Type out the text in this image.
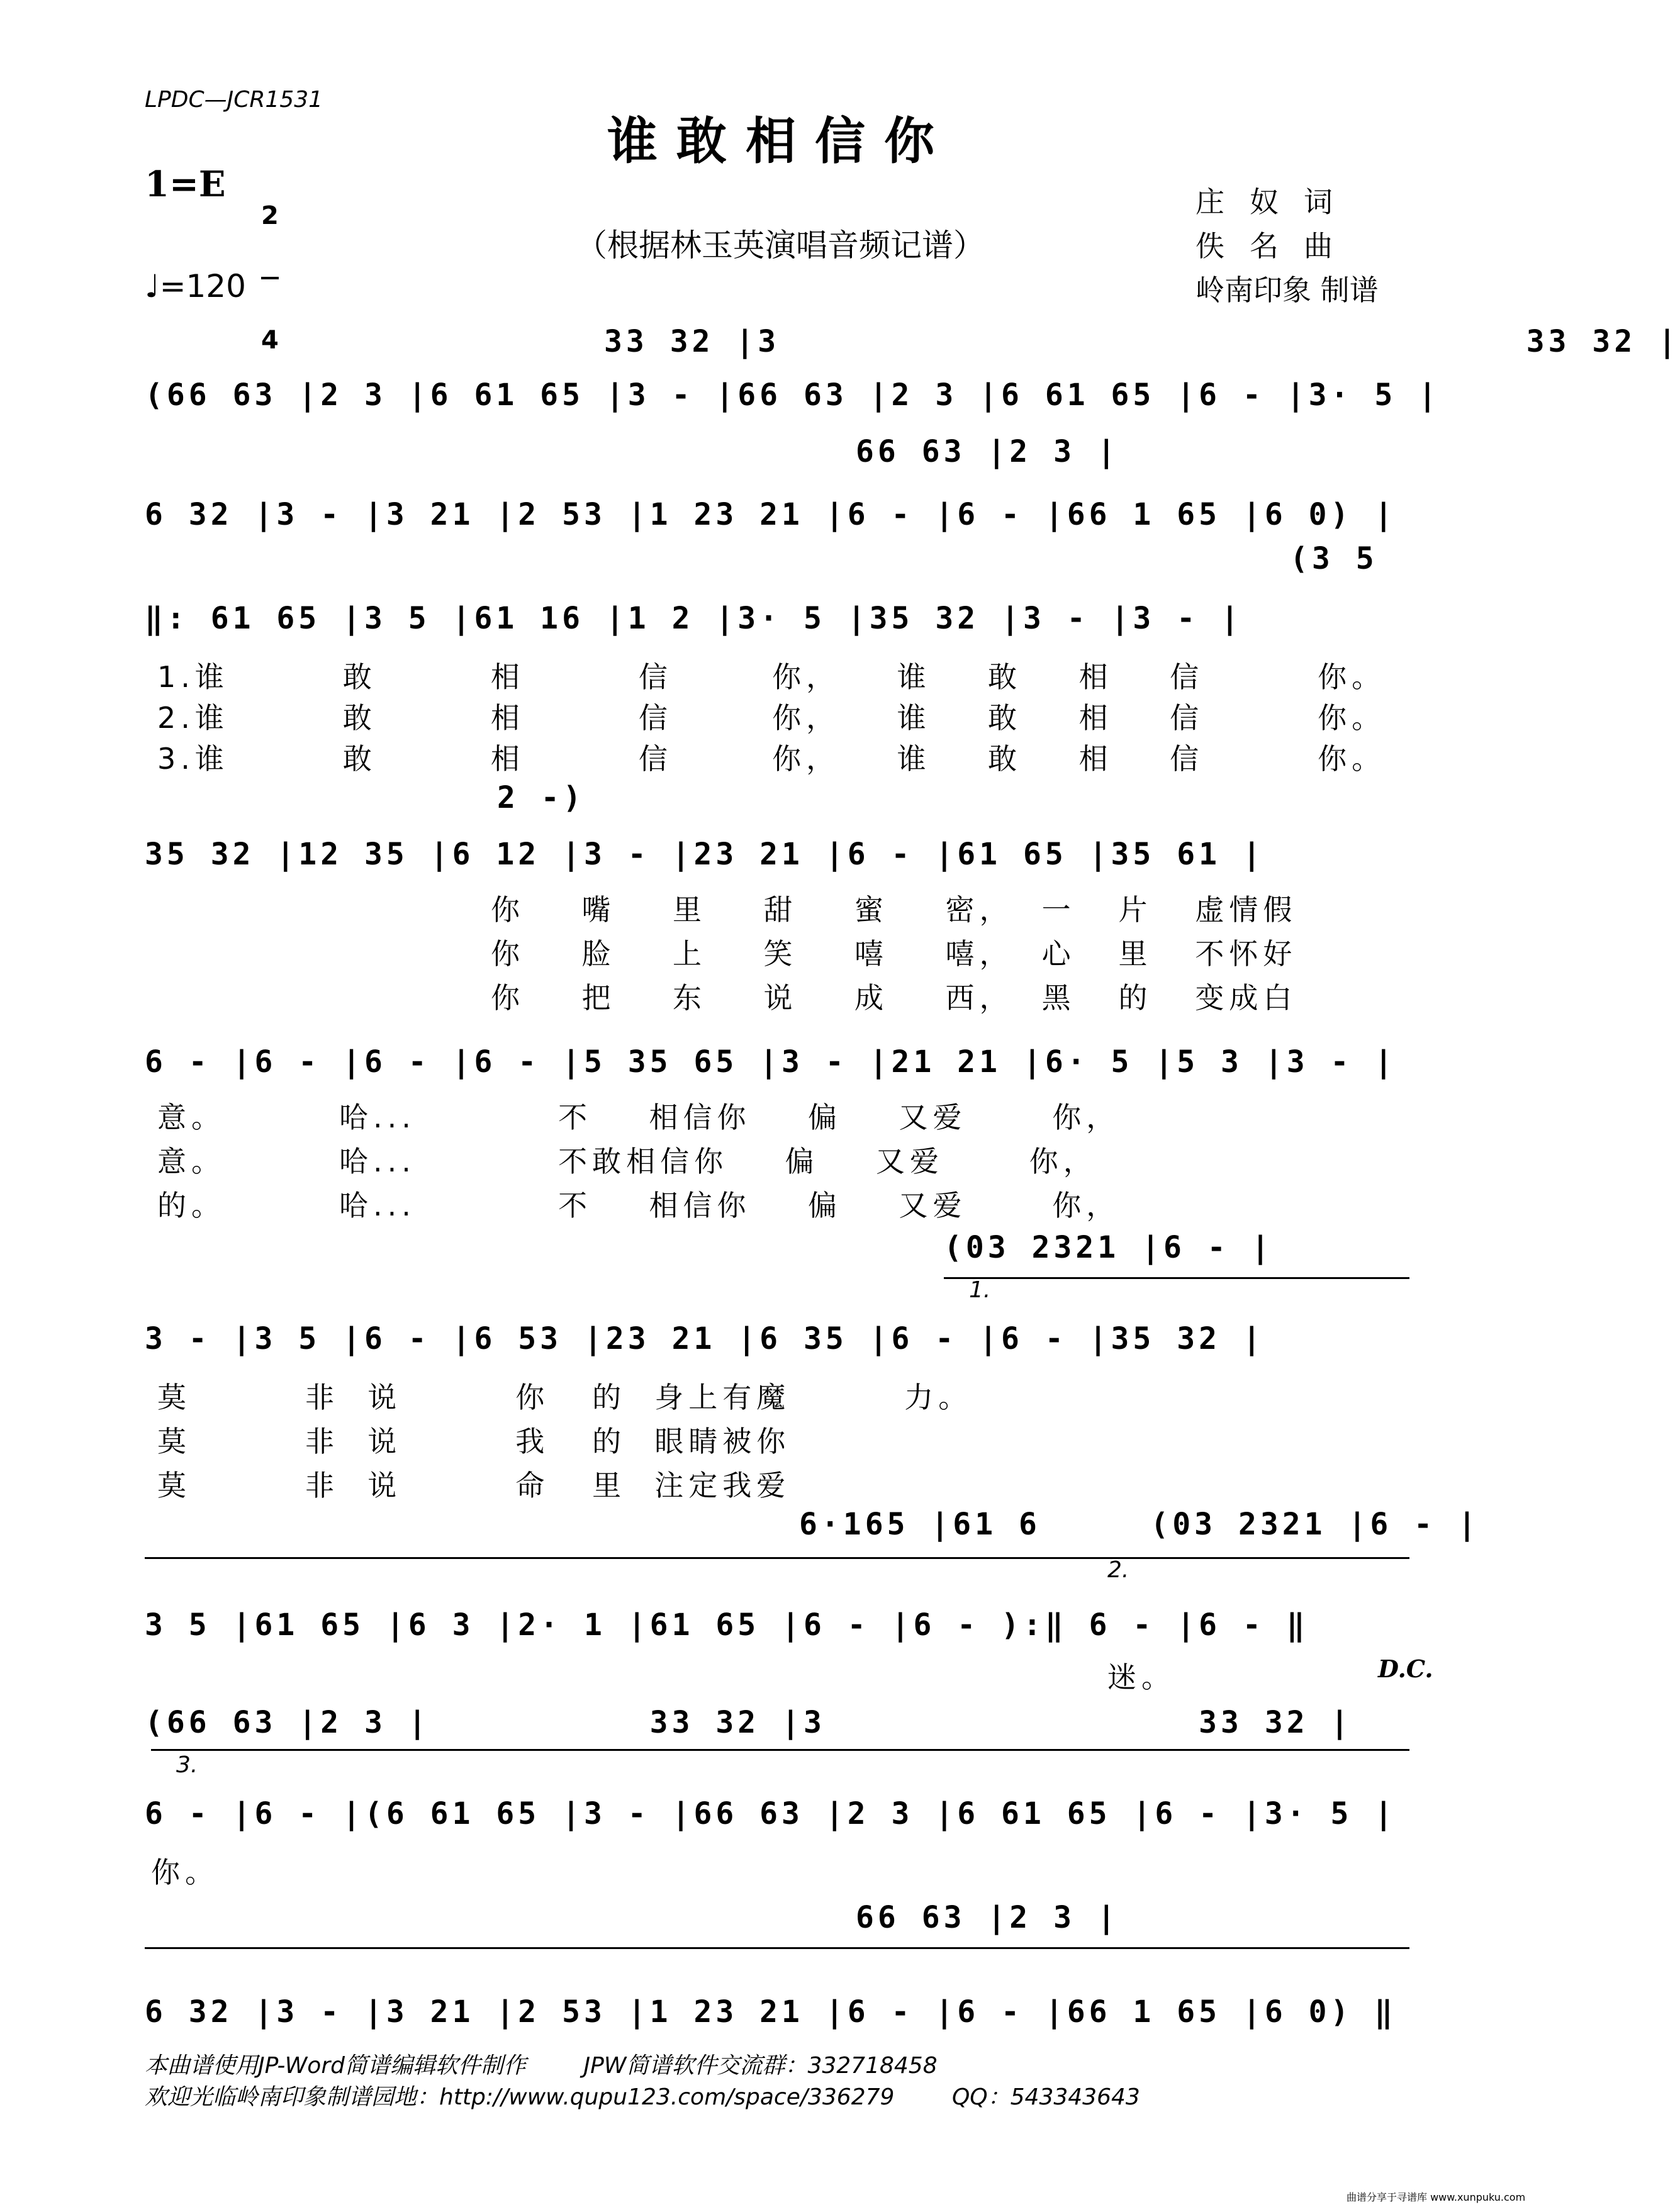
LPDC—JCR1531
谁敢相信你
1=E

2

4

（根据林玉英演唱音频记谱）
♩=120
庄奴词
佚名曲
岭南印象 制谱
33 32 |3                                  33 32 |
(66 63 |2 3 |6 61 65 |3 - |66 63 |2 3 |6 61 65 |6 - |3· 5 |
66 63 |2 3 |
6 32 |3 - |3 21 |2 53 |1 23 21 |6 - |6 - |66 1 65 |6 0) |
(3 5
‖: 61 65 |3 5 |61 16 |1 2 |3· 5 |35 32 |3 - |3 - |
1.谁        敢        相        信       你，    谁    敢    相    信        你。
2.谁        敢        相        信       你，    谁    敢    相    信        你。
3.谁        敢        相        信       你，    谁    敢    相    信        你。
2 -)
35 32 |12 35 |6 12 |3 - |23 21 |6 - |61 65 |35 61 |
你    嘴    里    甜    蜜    密，  一   片   虚情假
你    脸    上    笑    嘻    嘻，  心   里   不怀好
你    把    东    说    成    西，  黑   的   变成白
6 - |6 - |6 - |6 - |5 35 65 |3 - |21 21 |6· 5 |5 3 |3 - |
意。        哈...          不    相信你    偏    又爱      你，
意。        哈...          不敢相信你    偏    又爱      你，
的。        哈...          不    相信你    偏    又爱      你，
(03 2321 |6 - |
1.
3 - |3 5 |6 - |6 53 |23 21 |6 35 |6 - |6 - |35 32 |
莫        非  说        你   的  身上有魔        力。
莫        非  说        我   的  眼睛被你
莫        非  说        命   里  注定我爱
6·165 |61 6     (03 2321 |6 - |
2.
3 5 |61 65 |6 3 |2· 1 |61 65 |6 - |6 - ):‖ 6 - |6 - ‖
迷。	D.C.
(66 63 |2 3 |          33 32 |3                 33 32 |
3.
6 - |6 - |(6 61 65 |3 - |66 63 |2 3 |6 61 65 |6 - |3· 5 |
你。
66 63 |2 3 |
6 32 |3 - |3 21 |2 53 |1 23 21 |6 - |6 - |66 1 65 |6 0) ‖
本曲谱使用JP-Word简谱编辑软件制作        JPW简谱软件交流群：332718458
欢迎光临岭南印象制谱园地：http://www.qupu123.com/space/336279        QQ：543343643
曲谱分享于寻谱库 www.xunpuku.com
